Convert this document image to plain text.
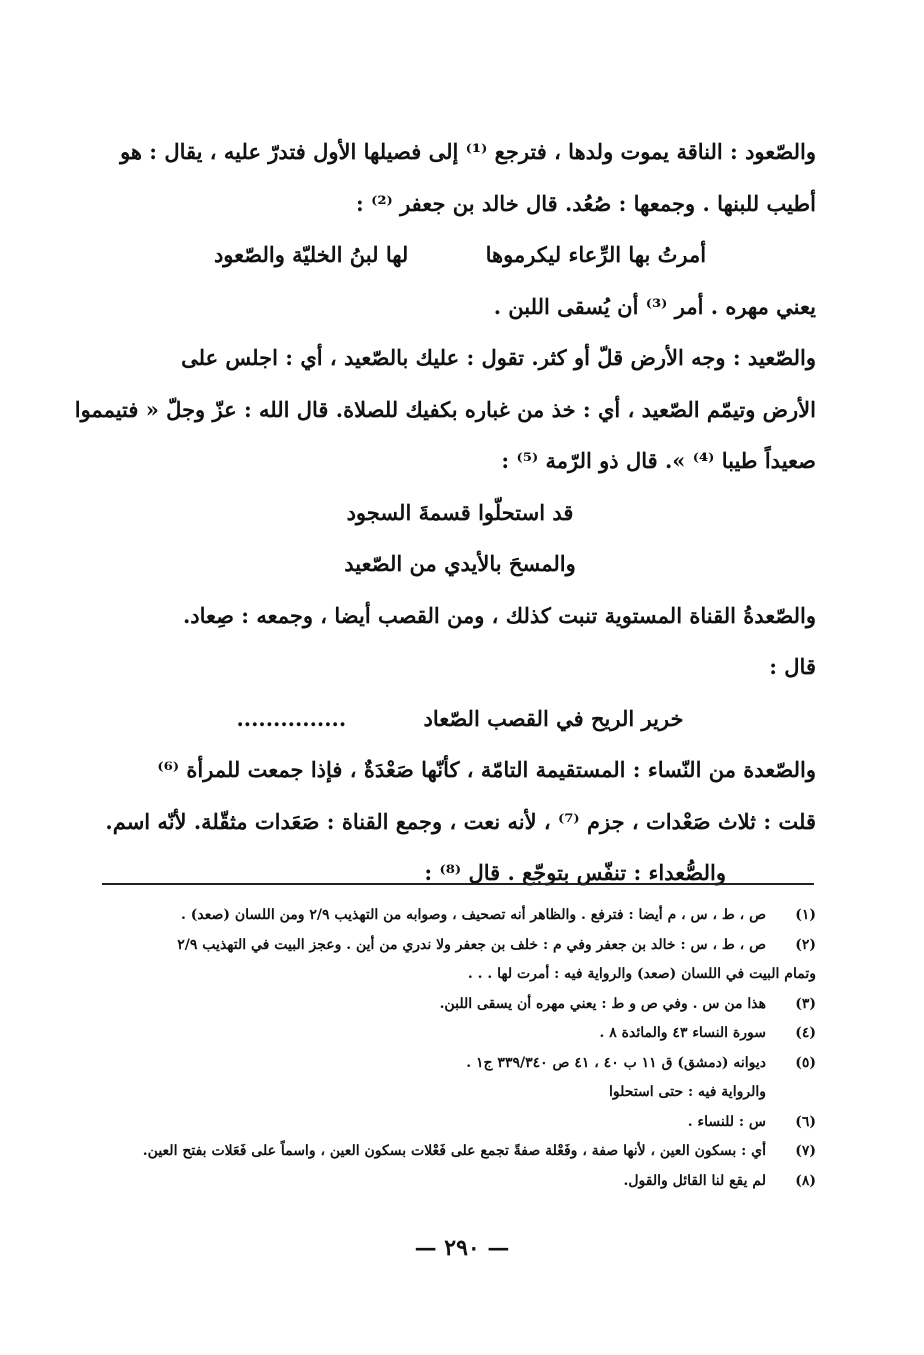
والصّعود : الناقة يموت ولدها ، فترجع ⁽¹⁾ إلى فصيلها الأول فتدرّ عليه ، يقال : هو

أطيب للبنها . وجمعها : صُعُد. قال خالد بن جعفر ⁽²⁾ :

أمرتُ بها الرِّعاء ليكرموها لها لبنُ الخليّة والصّعود

يعني مهره . أمر ⁽³⁾ أن يُسقى اللبن .

والصّعيد : وجه الأرض قلّ أو كثر. تقول : عليك بالصّعيد ، أي : اجلس على

الأرض وتيمّم الصّعيد ، أي : خذ من غباره بكفيك للصلاة. قال الله : عزّ وجلّ « فتيمموا

صعيداً طيبا ⁽⁴⁾ ». قال ذو الرّمة ⁽⁵⁾ :

قد استحلّوا قسمةَ السجود

والمسحَ بالأيدي من الصّعيد

والصّعدةُ القناة المستوية تنبت كذلك ، ومن القصب أيضا ، وجمعه : صِعاد.

قال :

خرير الريح في القصب الصّعاد ...............

والصّعدة من النّساء : المستقيمة التامّة ، كأنّها صَعْدَةٌ ، فإذا جمعت للمرأة ⁽⁶⁾

قلت : ثلاث صَعْدات ، جزم ⁽⁷⁾ ، لأنه نعت ، وجمع القناة : صَعَدات مثقّلة. لأنّه اسم.

والصُّعداء : تنفّس بتوجّع . قال ⁽⁸⁾ :

(١)
ص ، ط ، س ، م أيضا : فترفع . والظاهر أنه تصحيف ، وصوابه من التهذيب ٢/٩ ومن اللسان (صعد) .
(٢)
ص ، ط ، س : خالد بن جعفر وفي م : خلف بن جعفر ولا ندري من أين . وعجز البيت في التهذيب ٢/٩
وتمام البيت في اللسان (صعد) والرواية فيه : أمرت لها . . .
(٣)
هذا من س . وفي ص و ط : يعني مهره أن يسقى اللبن.
(٤)
سورة النساء ٤٣ والمائدة ٨ .
(٥)
ديوانه (دمشق) ق ١١ ب ٤٠ ، ٤١ ص ٣٣٩/٣٤٠ ج١ .
والرواية فيه : حتى استحلوا
(٦)
س : للنساء .
(٧)
أي : بسكون العين ، لأنها صفة ، وفَعْلة صفةً تجمع على فَعْلات بسكون العين ، واسماً على فَعَلات بفتح العين.
(٨)
لم يقع لنا القائل والقول.
— ٢٩٠ —
